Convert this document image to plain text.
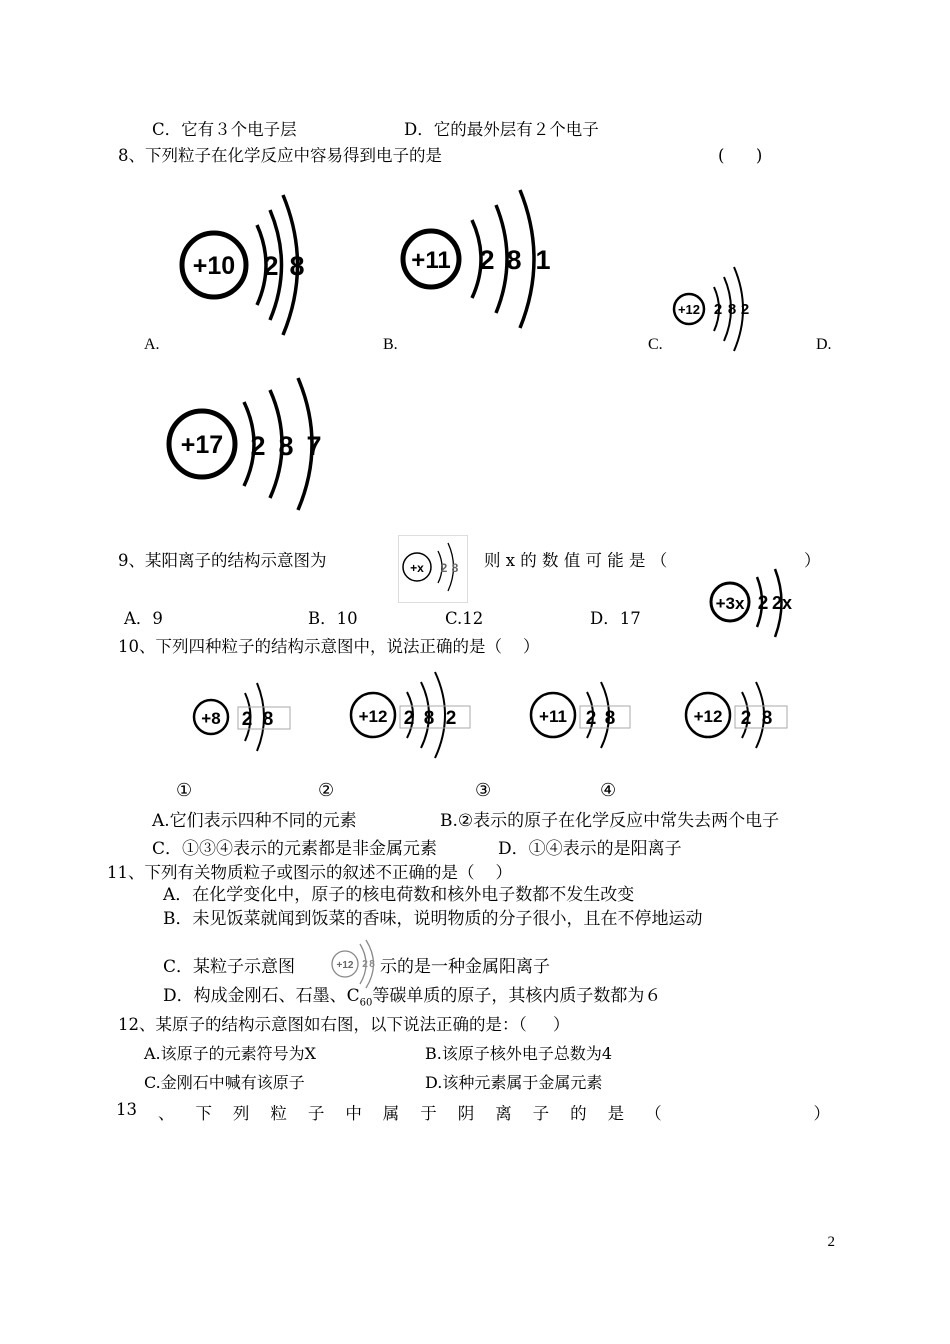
C．它有３个电子层	D．它的最外层有２个电子
8、下列粒子在化学反应中容易得到电子的是	(      )
+10 2 8	+11 2 8 1
+12 2 8 2
A.	B.	C.	D.
+17 2 8 7
9、某阳离子的结构示意图为	+x 2 8 则 x 的 数 值 可 能 是 （	）
+3x 2 2x
A．9	B．10	C.12	D．17
10、下列四种粒子的结构示意图中，说法正确的是（    ）
+8 2 8	+12 2 8 2	+11 2 8	+12 2 8
①	②	③	④
A.它们表示四种不同的元素	B.②表示的原子在化学反应中常失去两个电子
C．①③④表示的元素都是非金属元素	D．①④表示的是阳离子
11、下列有关物质粒子或图示的叙述不正确的是（    ）
A．在化学变化中，原子的核电荷数和核外电子数都不发生改变
B．未见饭菜就闻到饭菜的香味，说明物质的分子很小，且在不停地运动
C．某粒子示意图	+12 2 8 示的是一种金属阳离子
D．构成金刚石、石墨、$C_{60}$等碳单质的原子，其核内质子数都为６
12、某原子的结构示意图如右图，以下说法正确的是：（     ）
A.该原子的元素符号为X	B.该原子核外电子总数为4
C.金刚石中喊有该原子	D.该种元素属于金属元素
13 、 下 列 粒 子 中 属 于 阴 离 子 的 是 （	）
2
